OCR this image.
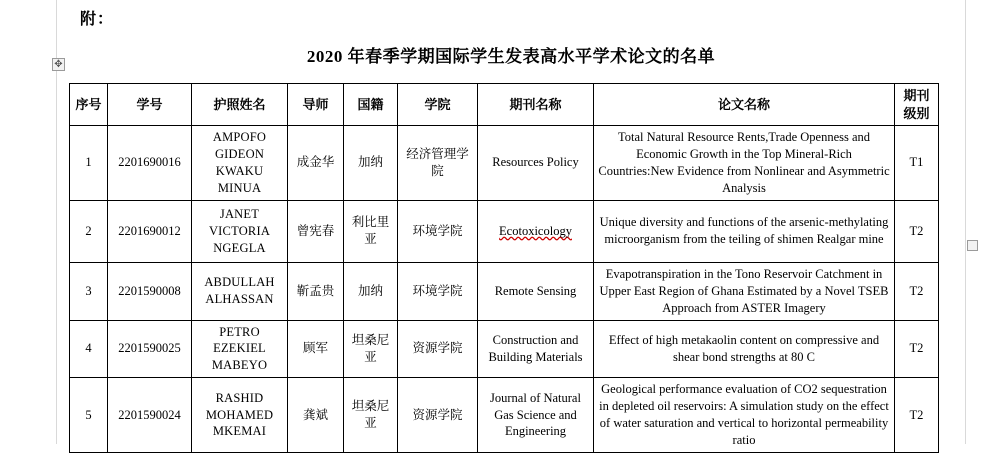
附：
2020 年春季学期国际学生发表高水平学术论文的名单
✥
序号	学号	护照姓名	导师	国籍	学院	期刊名称	论文名称	期刊级别
1	2201690016	AMPOFO GIDEON KWAKU MINUA	成金华	加纳	经济管理学院	Resources Policy	Total Natural Resource Rents,Trade Openness and Economic Growth in the Top Mineral-Rich Countries:New Evidence from Nonlinear and Asymmetric Analysis	T1
2	2201690012	JANET VICTORIA NGEGLA	曾宪春	利比里亚	环境学院	Ecotoxicology	Unique diversity and functions of the arsenic-methylating microorganism from the teiling of shimen Realgar mine	T2
3	2201590008	ABDULLAH ALHASSAN	靳孟贵	加纳	环境学院	Remote Sensing	Evapotranspiration in the Tono Reservoir Catchment in Upper East Region of Ghana Estimated by a Novel TSEB Approach from ASTER Imagery	T2
4	2201590025	PETRO EZEKIEL MABEYO	顾军	坦桑尼亚	资源学院	Construction and Building Materials	Effect of high metakaolin content on compressive and shear bond strengths at 80 C	T2
5	2201590024	RASHID MOHAMED MKEMAI	龚斌	坦桑尼亚	资源学院	Journal of Natural Gas Science and Engineering	Geological performance evaluation of CO2 sequestration in depleted oil reservoirs: A simulation study on the effect of water saturation and vertical to horizontal permeability ratio	T2
